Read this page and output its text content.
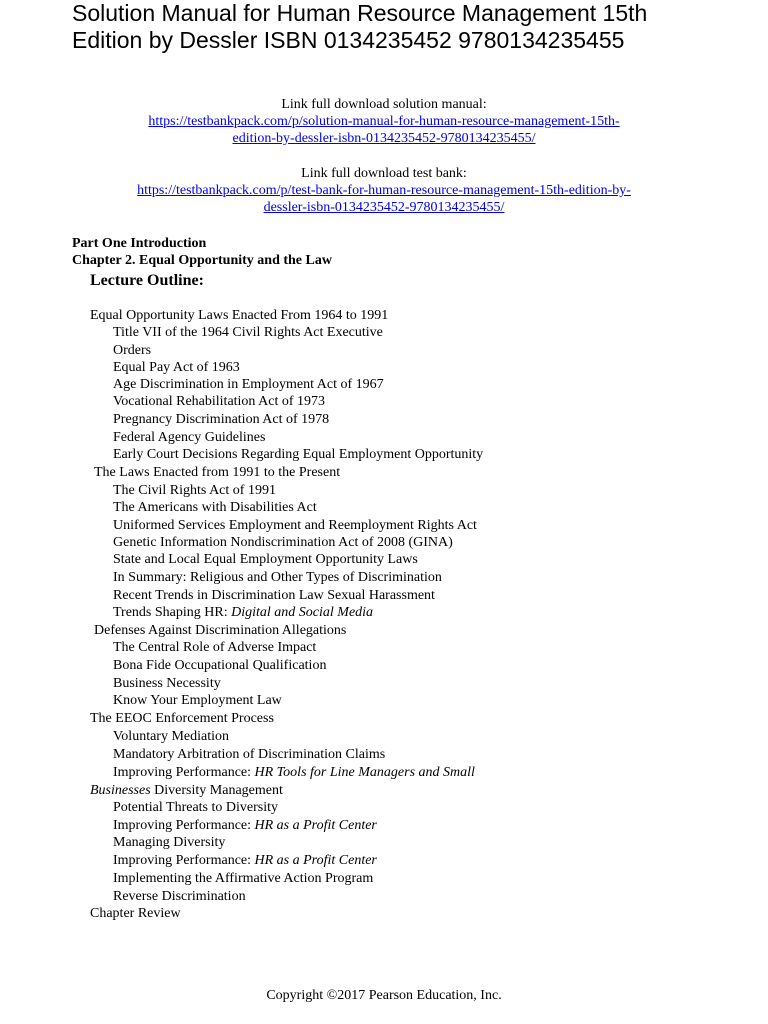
Solution Manual for Human Resource Management 15th
Edition by Dessler ISBN 0134235452 9780134235455
Link full download solution manual:
https://testbankpack.com/p/solution-manual-for-human-resource-management-15th-
edition-by-dessler-isbn-0134235452-9780134235455/
Link full download test bank:
https://testbankpack.com/p/test-bank-for-human-resource-management-15th-edition-by-
dessler-isbn-0134235452-9780134235455/
Part One Introduction
Chapter 2. Equal Opportunity and the Law
Lecture Outline:
Equal Opportunity Laws Enacted From 1964 to 1991
Title VII of the 1964 Civil Rights Act Executive
Orders
Equal Pay Act of 1963
Age Discrimination in Employment Act of 1967
Vocational Rehabilitation Act of 1973
Pregnancy Discrimination Act of 1978
Federal Agency Guidelines
Early Court Decisions Regarding Equal Employment Opportunity
The Laws Enacted from 1991 to the Present
The Civil Rights Act of 1991
The Americans with Disabilities Act
Uniformed Services Employment and Reemployment Rights Act
Genetic Information Nondiscrimination Act of 2008 (GINA)
State and Local Equal Employment Opportunity Laws
In Summary: Religious and Other Types of Discrimination
Recent Trends in Discrimination Law Sexual Harassment
Trends Shaping HR: Digital and Social Media
Defenses Against Discrimination Allegations
The Central Role of Adverse Impact
Bona Fide Occupational Qualification
Business Necessity
Know Your Employment Law
The EEOC Enforcement Process
Voluntary Mediation
Mandatory Arbitration of Discrimination Claims
Improving Performance: HR Tools for Line Managers and Small
Businesses Diversity Management
Potential Threats to Diversity
Improving Performance: HR as a Profit Center
Managing Diversity
Improving Performance: HR as a Profit Center
Implementing the Affirmative Action Program
Reverse Discrimination
Chapter Review
Copyright ©2017 Pearson Education, Inc.
